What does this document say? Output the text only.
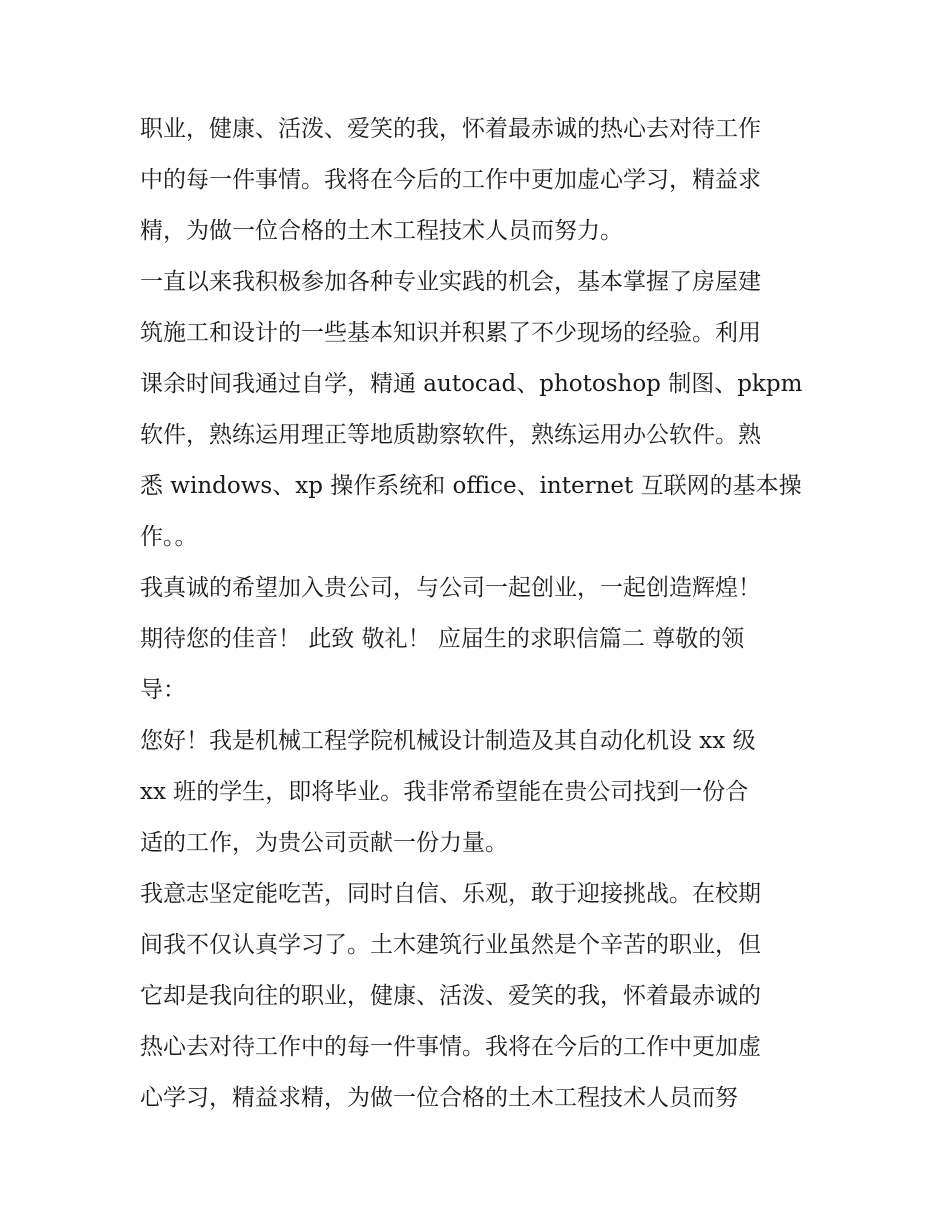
职业，健康、活泼、爱笑的我，怀着最赤诚的热心去对待工作
中的每一件事情。我将在今后的工作中更加虚心学习，精益求
精，为做一位合格的土木工程技术人员而努力。
一直以来我积极参加各种专业实践的机会，基本掌握了房屋建
筑施工和设计的一些基本知识并积累了不少现场的经验。利用
课余时间我通过自学，精通 autocad、photoshop 制图、pkpm
软件，熟练运用理正等地质勘察软件，熟练运用办公软件。熟
悉 windows、xp 操作系统和 office、internet 互联网的基本操
作。。
我真诚的希望加入贵公司，与公司一起创业，一起创造辉煌！
期待您的佳音！ 此致 敬礼！ 应届生的求职信篇二 尊敬的领
导：
您好！我是机械工程学院机械设计制造及其自动化机设 xx 级
xx 班的学生，即将毕业。我非常希望能在贵公司找到一份合
适的工作，为贵公司贡献一份力量。
我意志坚定能吃苦，同时自信、乐观，敢于迎接挑战。在校期
间我不仅认真学习了。土木建筑行业虽然是个辛苦的职业，但
它却是我向往的职业，健康、活泼、爱笑的我，怀着最赤诚的
热心去对待工作中的每一件事情。我将在今后的工作中更加虚
心学习，精益求精，为做一位合格的土木工程技术人员而努
